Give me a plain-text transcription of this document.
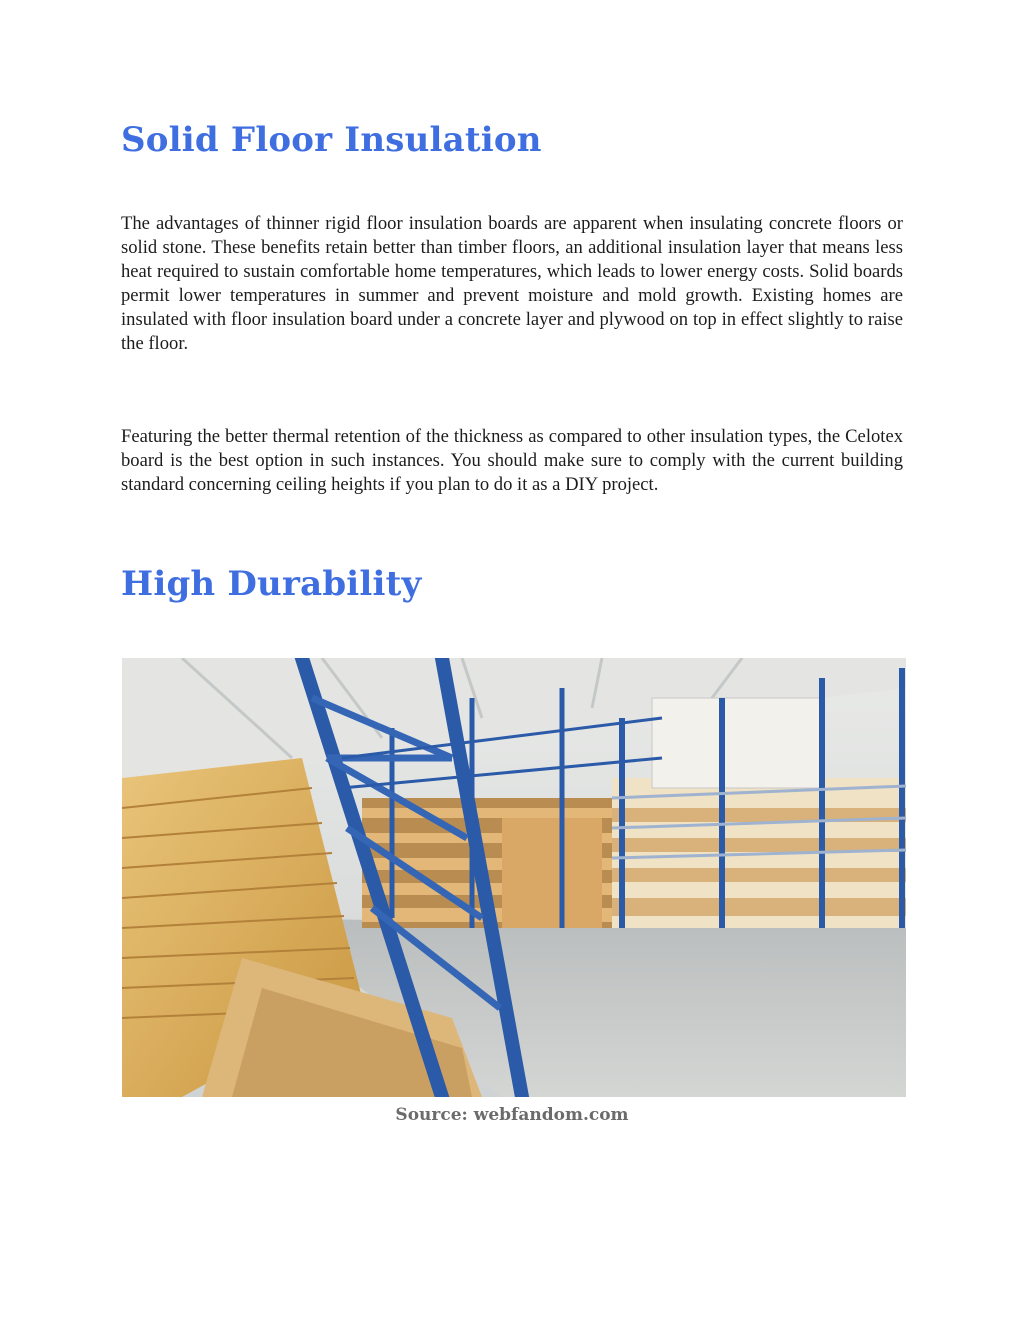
Solid Floor Insulation

The advantages of thinner rigid floor insulation boards are apparent when insulating concrete floors or solid stone. These benefits retain better than timber floors, an additional insulation layer that means less heat required to sustain comfortable home temperatures, which leads to lower energy costs. Solid boards permit lower temperatures in summer and prevent moisture and mold growth. Existing homes are insulated with floor insulation board under a concrete layer and plywood on top in effect slightly to raise the floor.

Featuring the better thermal retention of the thickness as compared to other insulation types, the Celotex board is the best option in such instances. You should make sure to comply with the current building standard concerning ceiling heights if you plan to do it as a DIY project.

High Durability
Source: webfandom.com
